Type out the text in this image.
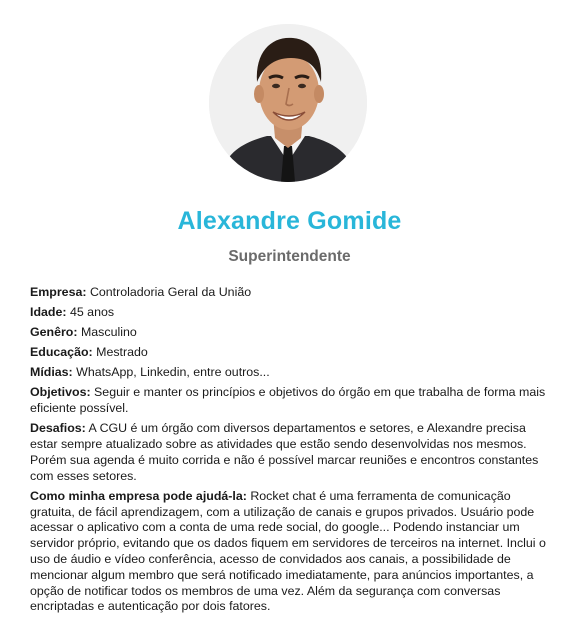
Alexandre Gomide
Superintendente
Empresa: Controladoria Geral da União
Idade: 45 anos
Genêro: Masculino
Educação: Mestrado
Mídias: WhatsApp, Linkedin, entre outros...
Objetivos: Seguir e manter os princípios e objetivos do órgão em que trabalha de forma mais eficiente possível.
Desafios: A CGU é um órgão com diversos departamentos e setores, e Alexandre precisa estar sempre atualizado sobre as atividades que estão sendo desenvolvidas nos mesmos. Porém sua agenda é muito corrida e não é possível marcar reuniões e encontros constantes com esses setores.
Como minha empresa pode ajudá-la: Rocket chat é uma ferramenta de comunicação gratuita, de fácil aprendizagem, com a utilização de canais e grupos privados. Usuário pode acessar o aplicativo com a conta de uma rede social, do google... Podendo instanciar um servidor próprio, evitando que os dados fiquem em servidores de terceiros na internet. Inclui o uso de áudio e vídeo conferência, acesso de convidados aos canais, a possibilidade de mencionar algum membro que será notificado imediatamente, para anúncios importantes, a opção de notificar todos os membros de uma vez. Além da segurança com conversas encriptadas e autenticação por dois fatores.
